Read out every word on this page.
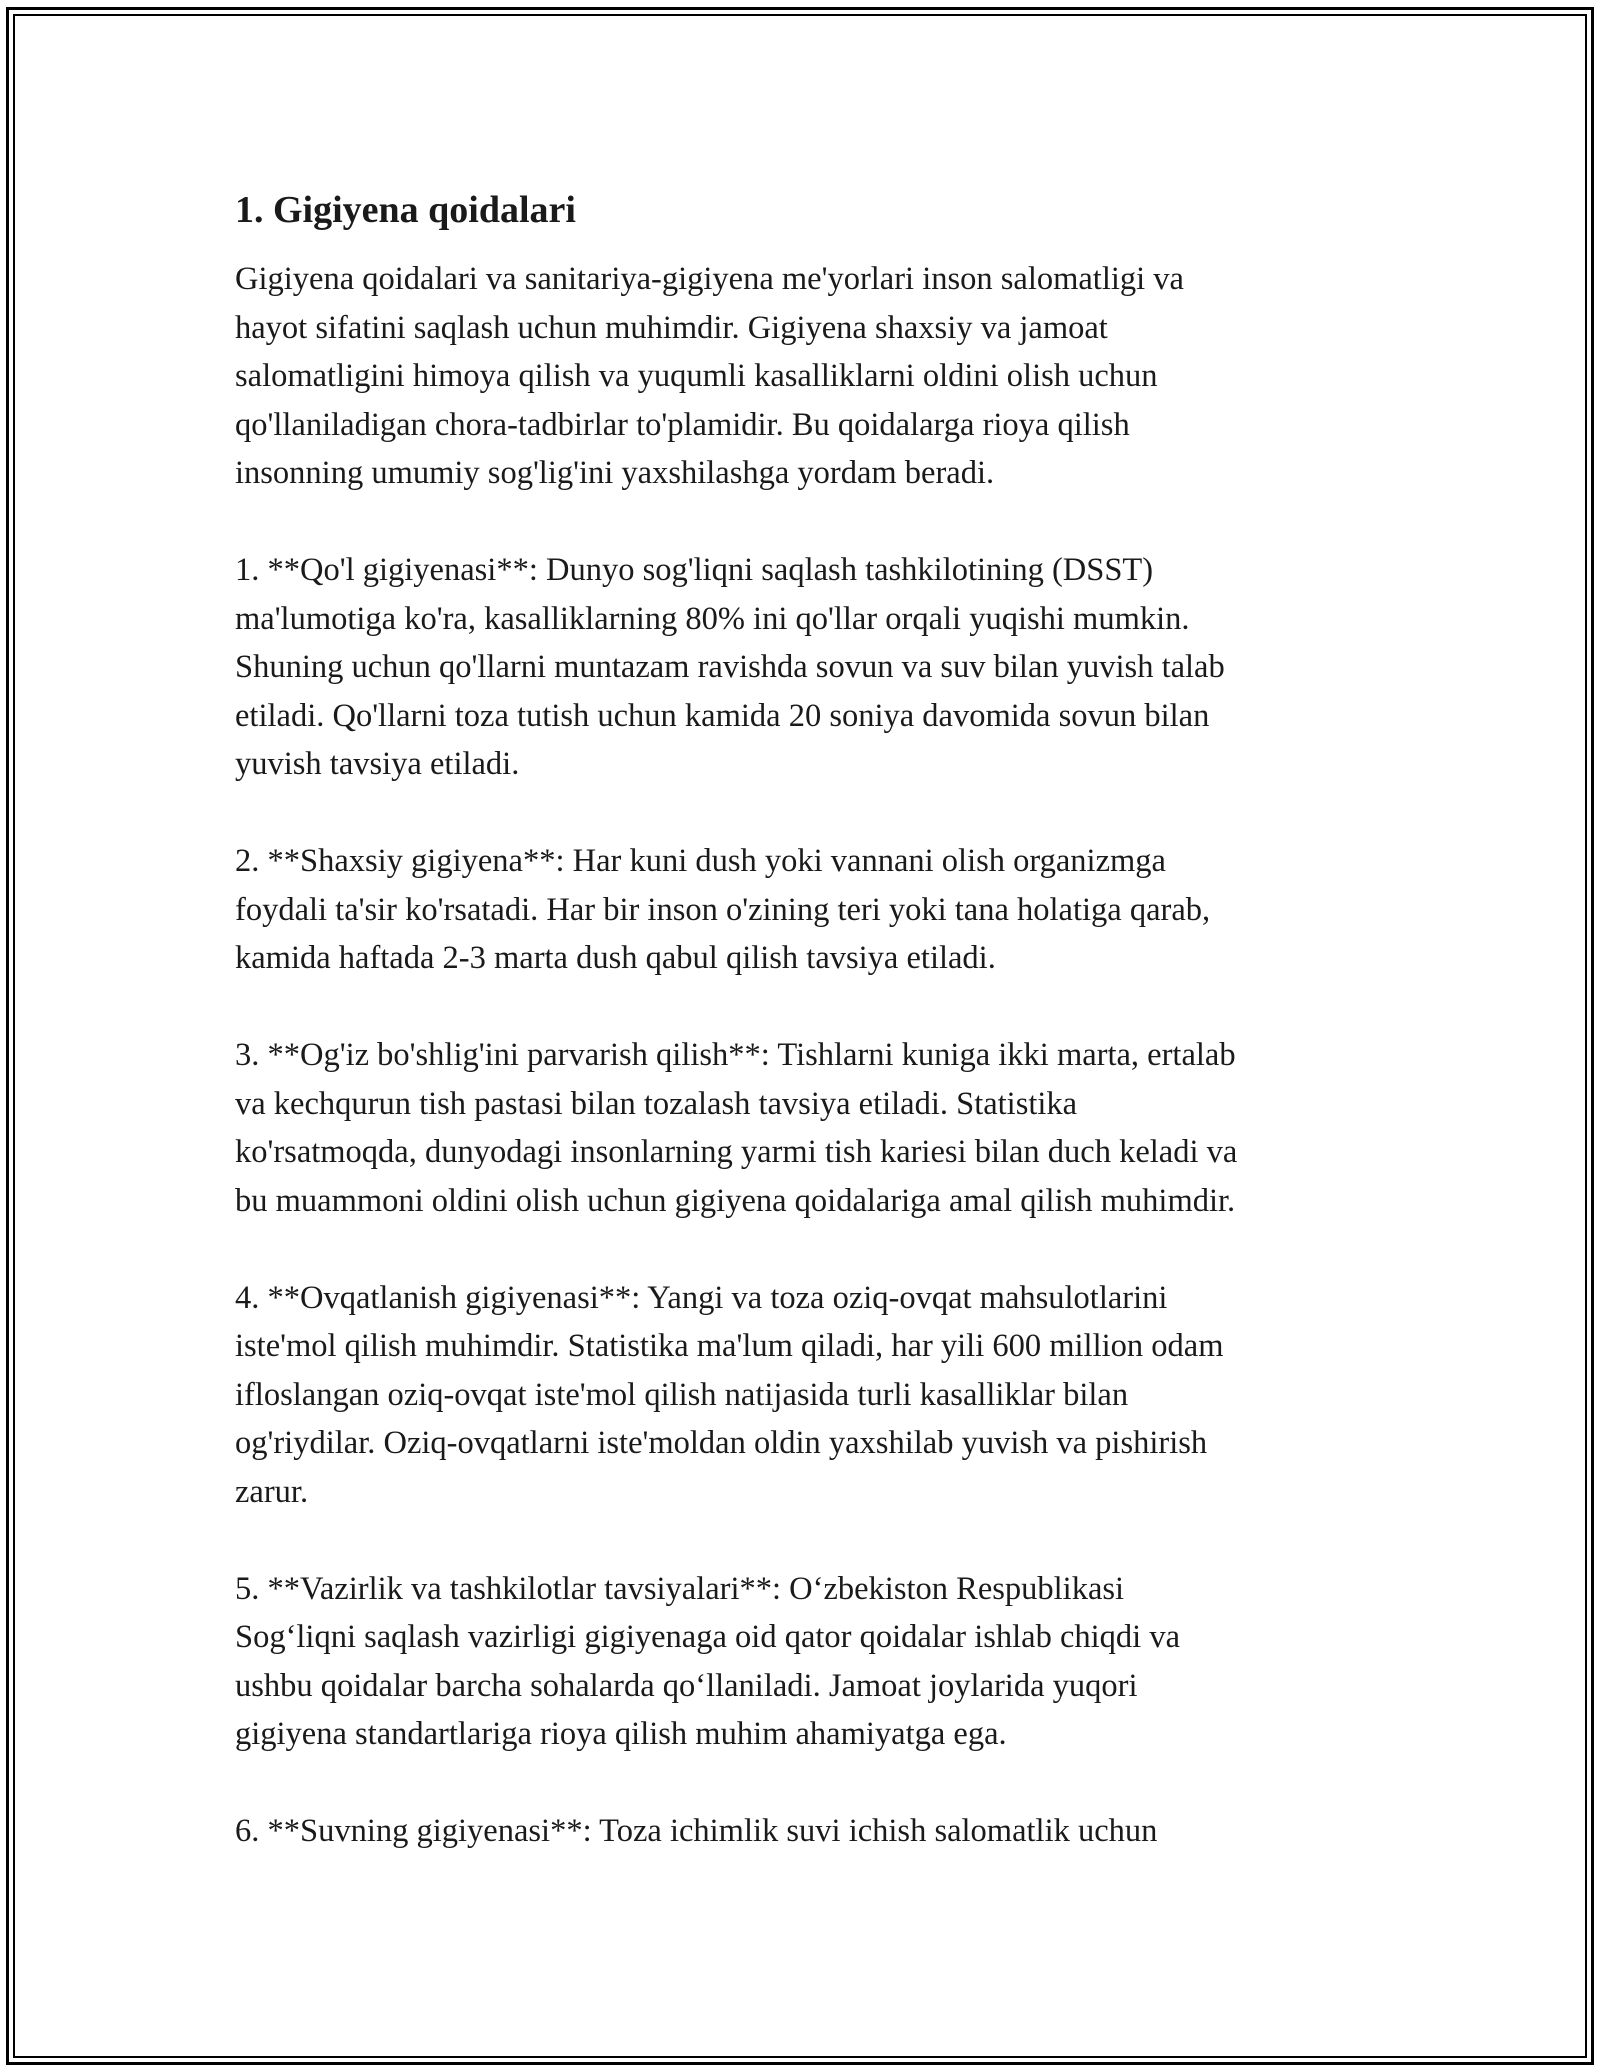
1. Gigiyena qoidalari

Gigiyena qoidalari va sanitariya-gigiyena me'yorlari inson salomatligi va
hayot sifatini saqlash uchun muhimdir. Gigiyena shaxsiy va jamoat
salomatligini himoya qilish va yuqumli kasalliklarni oldini olish uchun
qo'llaniladigan chora-tadbirlar to'plamidir. Bu qoidalarga rioya qilish
insonning umumiy sog'lig'ini yaxshilashga yordam beradi.

1. **Qo'l gigiyenasi**: Dunyo sog'liqni saqlash tashkilotining (DSST)
ma'lumotiga ko'ra, kasalliklarning 80% ini qo'llar orqali yuqishi mumkin.
Shuning uchun qo'llarni muntazam ravishda sovun va suv bilan yuvish talab
etiladi. Qo'llarni toza tutish uchun kamida 20 soniya davomida sovun bilan
yuvish tavsiya etiladi.

2. **Shaxsiy gigiyena**: Har kuni dush yoki vannani olish organizmga
foydali ta'sir ko'rsatadi. Har bir inson o'zining teri yoki tana holatiga qarab,
kamida haftada 2-3 marta dush qabul qilish tavsiya etiladi.

3. **Og'iz bo'shlig'ini parvarish qilish**: Tishlarni kuniga ikki marta, ertalab
va kechqurun tish pastasi bilan tozalash tavsiya etiladi. Statistika
ko'rsatmoqda, dunyodagi insonlarning yarmi tish kariesi bilan duch keladi va
bu muammoni oldini olish uchun gigiyena qoidalariga amal qilish muhimdir.

4. **Ovqatlanish gigiyenasi**: Yangi va toza oziq-ovqat mahsulotlarini
iste'mol qilish muhimdir. Statistika ma'lum qiladi, har yili 600 million odam
ifloslangan oziq-ovqat iste'mol qilish natijasida turli kasalliklar bilan
og'riydilar. Oziq-ovqatlarni iste'moldan oldin yaxshilab yuvish va pishirish
zarur.

5. **Vazirlik va tashkilotlar tavsiyalari**: O‘zbekiston Respublikasi
Sog‘liqni saqlash vazirligi gigiyenaga oid qator qoidalar ishlab chiqdi va
ushbu qoidalar barcha sohalarda qo‘llaniladi. Jamoat joylarida yuqori
gigiyena standartlariga rioya qilish muhim ahamiyatga ega.

6. **Suvning gigiyenasi**: Toza ichimlik suvi ichish salomatlik uchun
